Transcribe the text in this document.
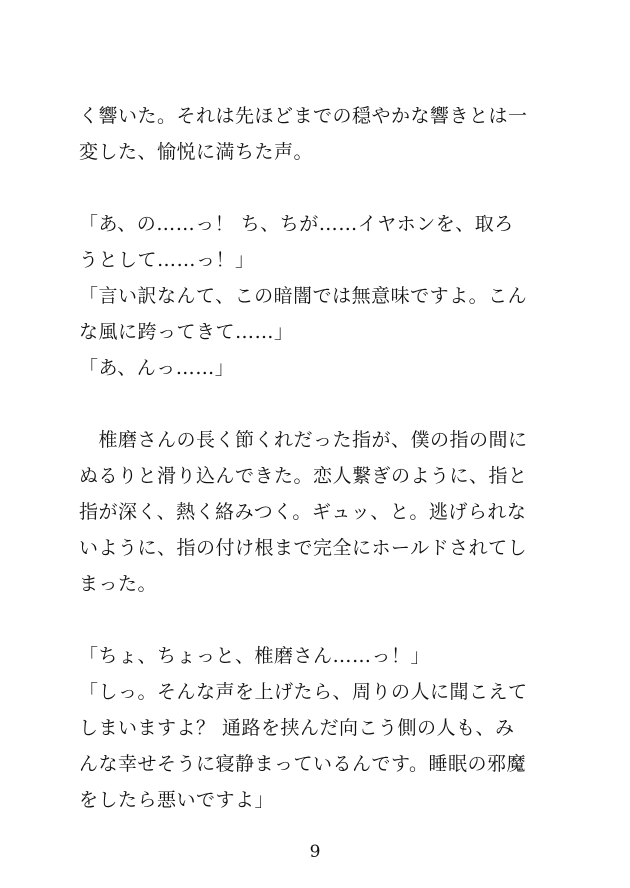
く響いた。それは先ほどまでの穏やかな響きとは一
変した、愉悦に満ちた声。
「あ、の……っ！ ち、ちが……イヤホンを、取ろ
うとして……っ！」
「言い訳なんて、この暗闇では無意味ですよ。こん
な風に跨ってきて……」
「あ、んっ……」
　椎磨さんの長く節くれだった指が、僕の指の間に
ぬるりと滑り込んできた。恋人繋ぎのように、指と
指が深く、熱く絡みつく。ギュッ、と。逃げられな
いように、指の付け根まで完全にホールドされてし
まった。
「ちょ、ちょっと、椎磨さん……っ！」
「しっ。そんな声を上げたら、周りの人に聞こえて
しまいますよ？ 通路を挟んだ向こう側の人も、み
んな幸せそうに寝静まっているんです。睡眠の邪魔
をしたら悪いですよ」
9
